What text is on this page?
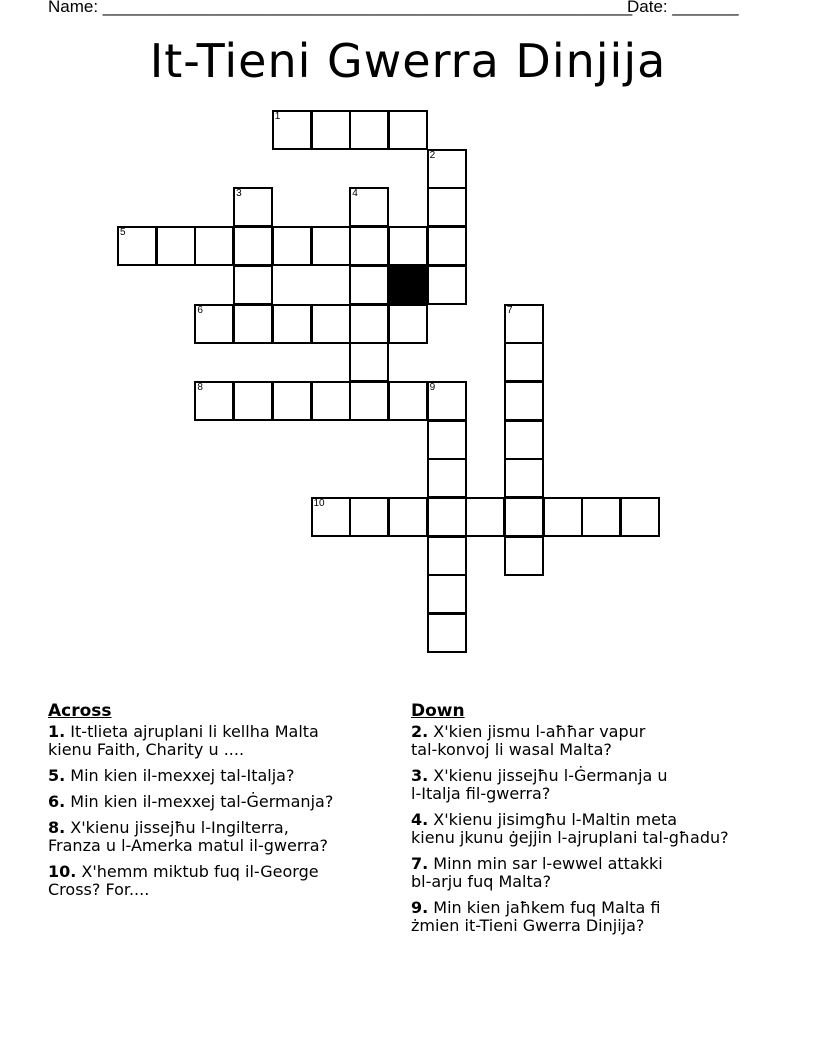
Name: ________________________________________________________
Date: _______
It-Tieni Gwerra Dinjija
1
2
3	4
5
6	7
8	9
10
Across
1. It-tlieta ajruplani li kellha Malta
kienu Faith, Charity u ....
5. Min kien il-mexxej tal-Italja?
6. Min kien il-mexxej tal-Ġermanja?
8. X'kienu jissejħu l-Ingilterra,
Franza u l-Amerka matul il-gwerra?
10. X'hemm miktub fuq il-George
Cross? For....
Down
2. X'kien jismu l-aħħar vapur
tal-konvoj li wasal Malta?
3. X'kienu jissejħu l-Ġermanja u
l-Italja fil-gwerra?
4. X'kienu jisimgħu l-Maltin meta
kienu jkunu ġejjin l-ajruplani tal-għadu?
7. Minn min sar l-ewwel attakki
bl-arju fuq Malta?
9. Min kien jaħkem fuq Malta fi
żmien it-Tieni Gwerra Dinjija?
